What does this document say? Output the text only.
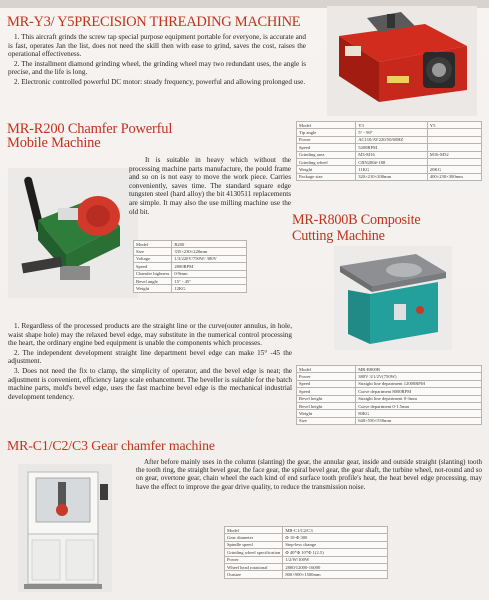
MR-Y3/ Y5PRECISION THREADING MACHINE

1. This aircraft grinds the screw tap special purpose equipment portable for everyone, is accurate and is fast, operates Jan the list, does not need the skill then with ease to grind, saves the cost, raises the operational effectiveness.

2. The installment diamond grinding wheel, the grinding wheel may two redundant uses, the angle is precise, and the life is long.

2. Electronic controlled powerful DC motor: steady frequency, powerful and allowing prolonged use.

Model	Y3	Y5
Tip angle	5° - 90°	
Power	AC110/AV220/50/60HZ	
Speed	5200RPM	
Grinding area	M3-M16	M16-M52
Grinding wheel	CBN200#-188	
Weight	11KG	20KG
Package size	320×210×200mm	400×230×300mm
MR-R200 Chamfer Powerful
Mobile Machine
It is suitable in heavy which without the processing machine parts manufacture, the pould frame and so on is not easy to move the work piece. Carries conveniently, saves time. The standard square edge tungsten steel (hard alloy) the bit 4130511 replacements are simple. It may also the use milling machine use the old bit.
Model	R200
Size	335×230×220mm
Voltage	1/3/220V/750W/ 380V
Speed	2800RPM
Chamfer highness	0-9mm
Bevel angle	15° - 45°
Weight	12KG
MR-R800B Composite
Cutting Machine
Model	MR-R800B
Power	380V 3/1/2V(750W)
Speed	Straight line department 12000RPM
Speed	Curve department 8000RPM
Bevel height	Straight line department 0-3mm
Bevel height	Curve department 0-1.5mm
Weight	80KG
Size	640×550×550mm

1. Regardless of the processed products are the straight line or the curve(outer annulus, in hole, waist shape hole) may the relaxed bevel edge, may substitute in the numerical control processing the heart, the ordinary engine bed equipment is unable the components which processes.

2. The independent development straight line department bevel edge can make 15° -45 the adjustment.

3. Does not need the fix to clamp, the simplicity of operator, and the bevel edge is neat; the adjustment is convenient, efficiency large scale enhancement. The beveller is suitable for the batch machine parts, mold's bevel edge, uses the fast machine bevel edge is the mechanical industrial development tendency.

MR-C1/C2/C3 Gear chamfer machine
After before mainly uses in the column (slanting) the gear, the annular gear, inside and outside straight (slanting) tooth the tooth ring, the straight bevel gear, the face gear, the spiral bevel gear, the gear shaft, the turbine wheel, not-round and so on gear, overtone gear, chain wheel the each kind of end surface tooth profile's heat, the heat bevel edge processing, may have the effect to improve the gear drive quality, to reduce the transmission noise.
Model	MR-C1/C2/C3
Gear diameter	Φ 10-Φ 300
Spindle speed	Step-less change
Grinding wheel specification	Φ 40*Φ 10*Φ 1(2.5)
Power	1/2/W/100W
Wheel head rotational	2800/12000-16000
Outsize	800×900×1500mm
